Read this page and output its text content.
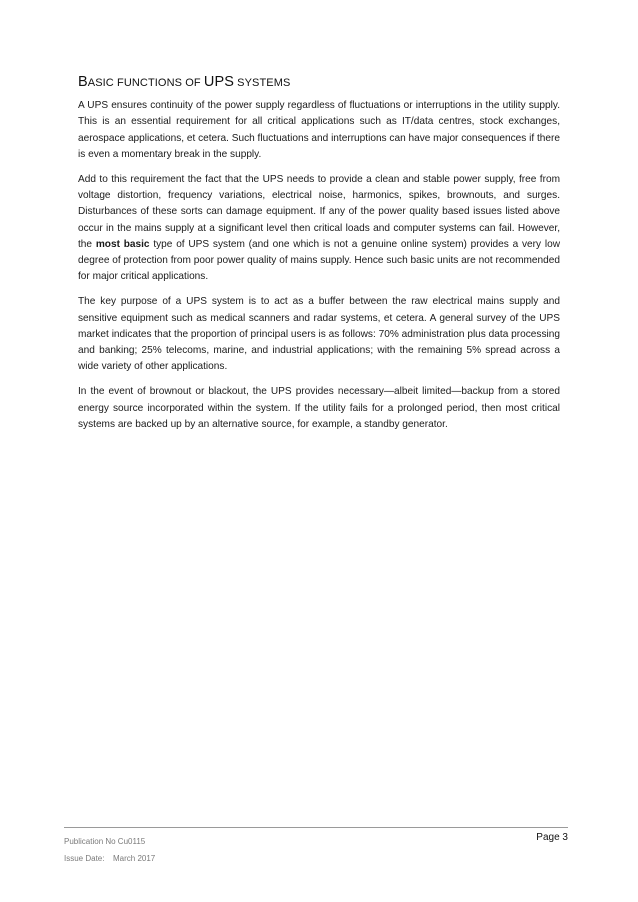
BASIC FUNCTIONS OF UPS SYSTEMS

A UPS ensures continuity of the power supply regardless of fluctuations or interruptions in the utility supply. This is an essential requirement for all critical applications such as IT/data centres, stock exchanges, aerospace applications, et cetera. Such fluctuations and interruptions can have major consequences if there is even a momentary break in the supply.

Add to this requirement the fact that the UPS needs to provide a clean and stable power supply, free from voltage distortion, frequency variations, electrical noise, harmonics, spikes, brownouts, and surges. Disturbances of these sorts can damage equipment. If any of the power quality based issues listed above occur in the mains supply at a significant level then critical loads and computer systems can fail. However, the most basic type of UPS system (and one which is not a genuine online system) provides a very low degree of protection from poor power quality of mains supply. Hence such basic units are not recommended for major critical applications.

The key purpose of a UPS system is to act as a buffer between the raw electrical mains supply and sensitive equipment such as medical scanners and radar systems, et cetera. A general survey of the UPS market indicates that the proportion of principal users is as follows: 70% administration plus data processing and banking; 25% telecoms, marine, and industrial applications; with the remaining 5% spread across a wide variety of other applications.

In the event of brownout or blackout, the UPS provides necessary—albeit limited—backup from a stored energy source incorporated within the system. If the utility fails for a prolonged period, then most critical systems are backed up by an alternative source, for example, a standby generator.

Publication No Cu0115
Issue Date: March 2017
Page 3
